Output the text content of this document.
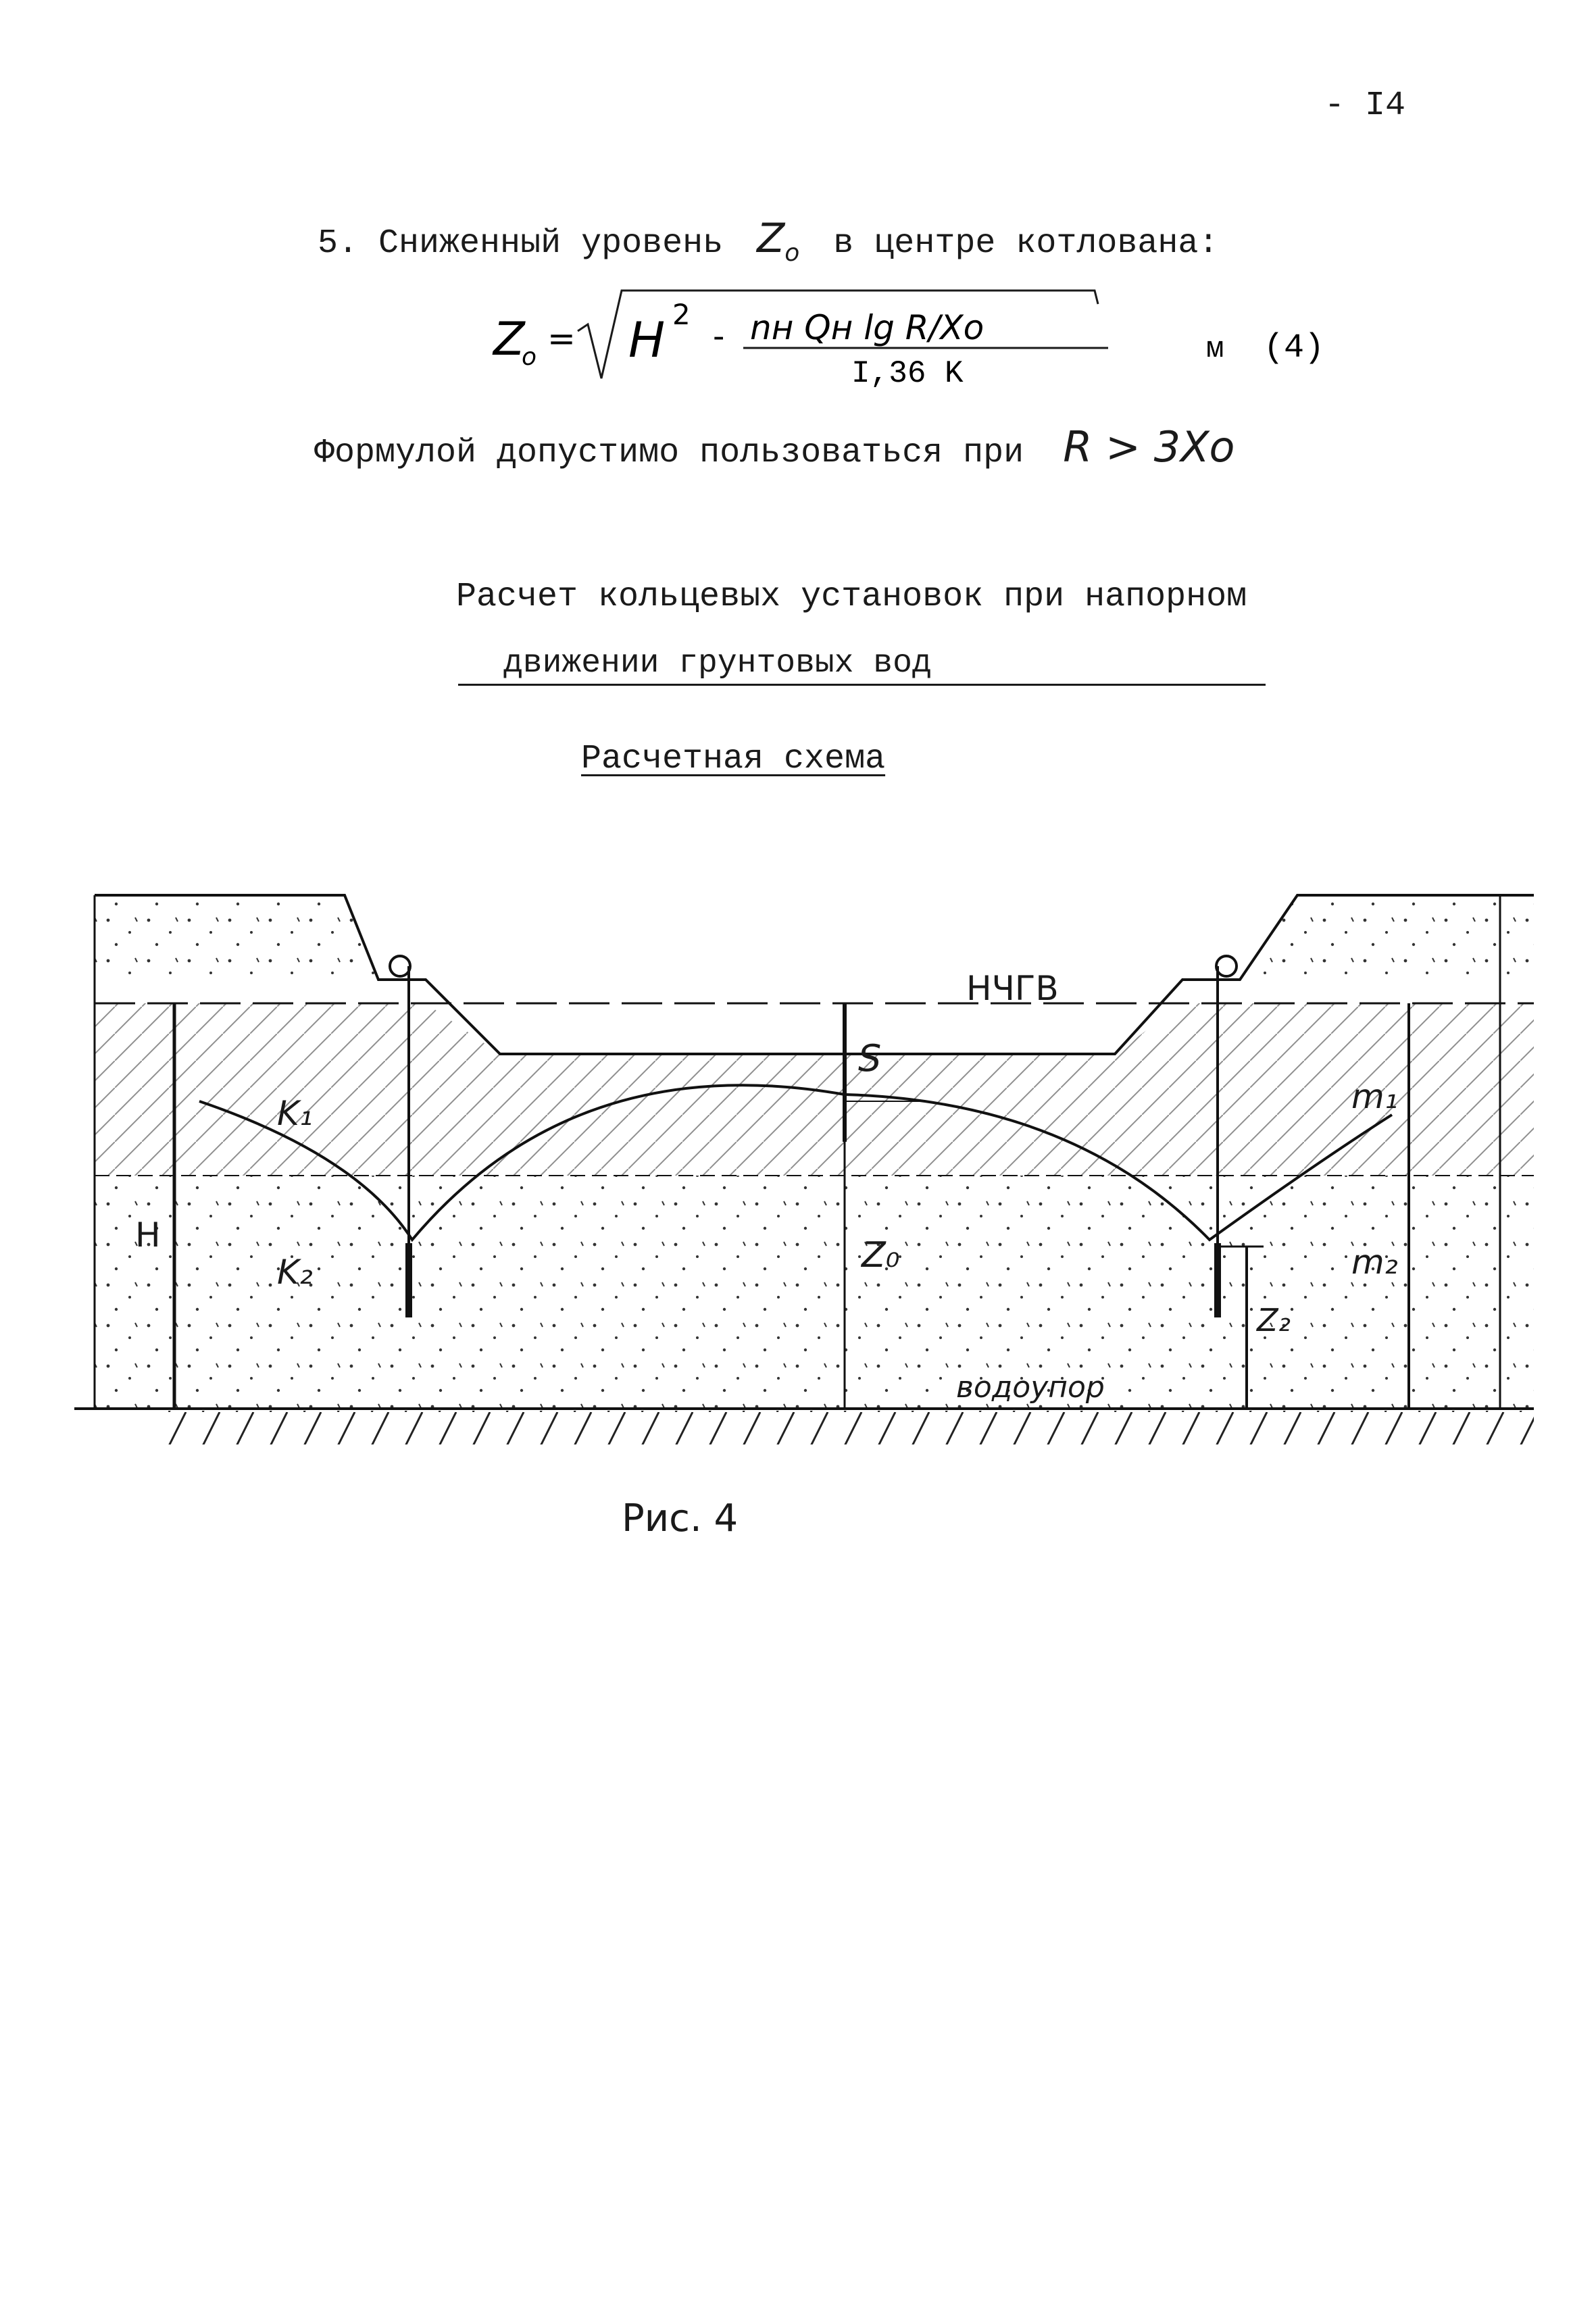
- I4
5. Сниженный уровень $Z_o$ в центре котлована:
Z
o = H 2
- nн Qн lg R/Xo
I,36 K
м (4)
Формулой допустимо пользоваться при R > 3Xo
Расчет кольцевых установок при напорном
движении грунтовых вод
Расчетная схема
НЧГВ
S
K₁
K₂
H	Z₀
Z₂
m₁
m₂
водоупор
Рис. 4
